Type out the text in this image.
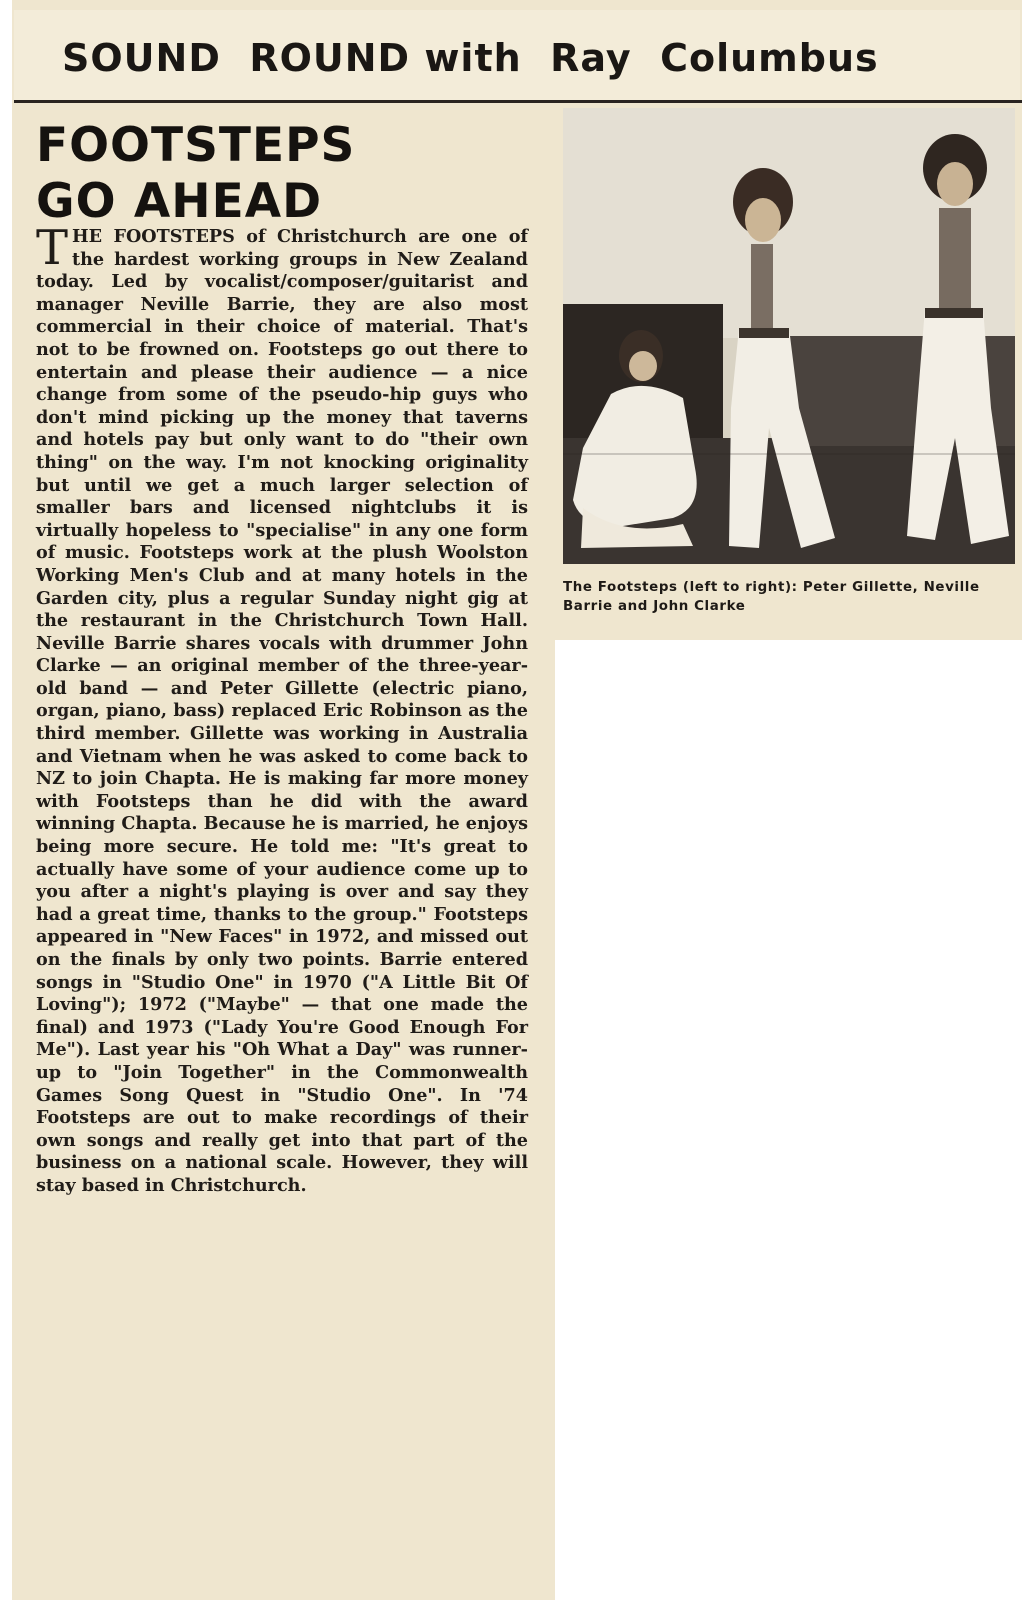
SOUND  ROUND with  Ray  Columbus
FOOTSTEPS
GO AHEAD
THE FOOTSTEPS of Christchurch are one of the hardest working groups in New Zealand today. Led by vocalist/composer/guitarist and manager Neville Barrie, they are also most commercial in their choice of material. That's not to be frowned on. Footsteps go out there to entertain and please their audience — a nice change from some of the pseudo-hip guys who don't mind picking up the money that taverns and hotels pay but only want to do "their own thing" on the way. I'm not knocking originality but until we get a much larger selection of smaller bars and licensed nightclubs it is virtually hopeless to "specialise" in any one form of music. Footsteps work at the plush Woolston Working Men's Club and at many hotels in the Garden city, plus a regular Sunday night gig at the restaurant in the Christchurch Town Hall. Neville Barrie shares vocals with drummer John Clarke — an original member of the three-year-old band — and Peter Gillette (electric piano, organ, piano, bass) replaced Eric Robinson as the third member. Gillette was working in Australia and Vietnam when he was asked to come back to NZ to join Chapta. He is making far more money with Footsteps than he did with the award winning Chapta. Because he is married, he enjoys being more secure. He told me: "It's great to actually have some of your audience come up to you after a night's playing is over and say they had a great time, thanks to the group." Footsteps appeared in "New Faces" in 1972, and missed out on the finals by only two points. Barrie entered songs in "Studio One" in 1970 ("A Little Bit Of Loving"); 1972 ("Maybe" — that one made the final) and 1973 ("Lady You're Good Enough For Me"). Last year his "Oh What a Day" was runner-up to "Join Together" in the Commonwealth Games Song Quest in "Studio One". In '74 Footsteps are out to make recordings of their own songs and really get into that part of the business on a national scale. However, they will stay based in Christchurch.
The Footsteps (left to right): Peter Gillette, Neville Barrie and John Clarke
